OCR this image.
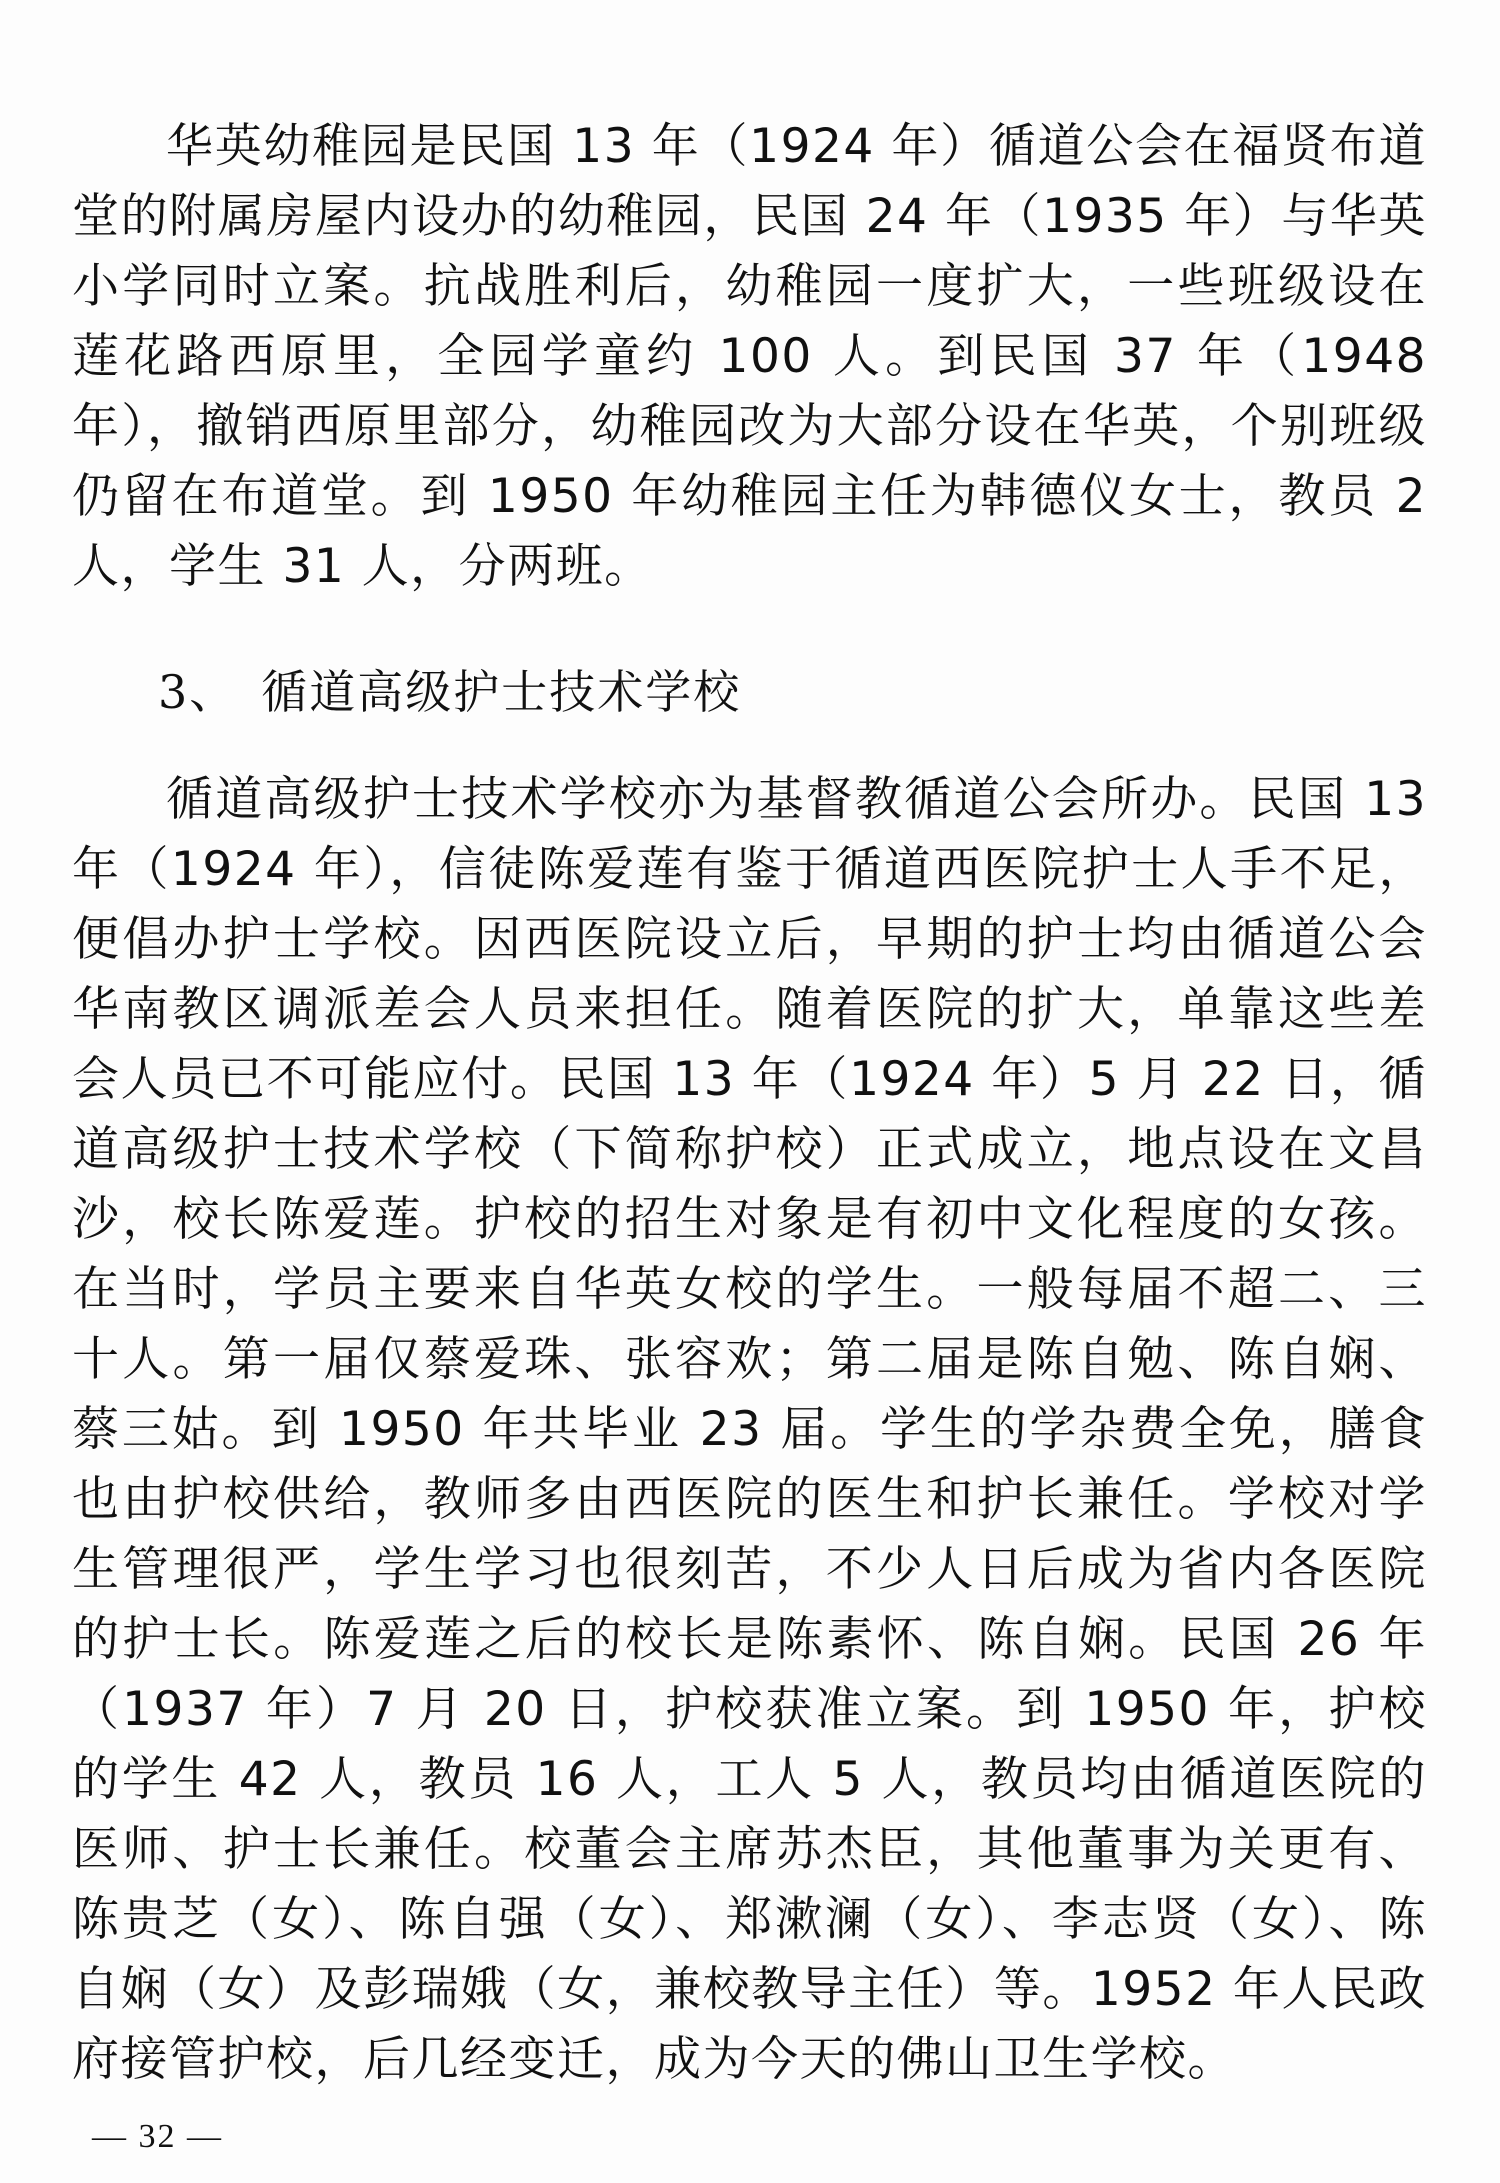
华英幼稚园是民国 13 年（1924 年）循道公会在福贤布道堂的附属房屋内设办的幼稚园，民国 24 年（1935 年）与华英小学同时立案。抗战胜利后，幼稚园一度扩大，一些班级设在莲花路西原里，全园学童约 100 人。到民国 37 年（1948 年），撤销西原里部分，幼稚园改为大部分设在华英，个别班级仍留在布道堂。到 1950 年幼稚园主任为韩德仪女士，教员 2 人，学生 31 人，分两班。

3、 循道高级护士技术学校

循道高级护士技术学校亦为基督教循道公会所办。民国 13 年（1924 年），信徒陈爱莲有鉴于循道西医院护士人手不足，便倡办护士学校。因西医院设立后，早期的护士均由循道公会华南教区调派差会人员来担任。随着医院的扩大，单靠这些差会人员已不可能应付。民国 13 年（1924 年）5 月 22 日，循道高级护士技术学校（下简称护校）正式成立，地点设在文昌沙，校长陈爱莲。护校的招生对象是有初中文化程度的女孩。在当时，学员主要来自华英女校的学生。一般每届不超二、三十人。第一届仅蔡爱珠、张容欢；第二届是陈自勉、陈自娴、蔡三姑。到 1950 年共毕业 23 届。学生的学杂费全免，膳食也由护校供给，教师多由西医院的医生和护长兼任。学校对学生管理很严，学生学习也很刻苦，不少人日后成为省内各医院的护士长。陈爱莲之后的校长是陈素怀、陈自娴。民国 26 年（1937 年）7 月 20 日，护校获准立案。到 1950 年，护校的学生 42 人，教员 16 人，工人 5 人，教员均由循道医院的医师、护士长兼任。校董会主席苏杰臣，其他董事为关更有、陈贵芝（女）、陈自强（女）、郑漱澜（女）、李志贤（女）、陈自娴（女）及彭瑞娥（女，兼校教导主任）等。1952 年人民政府接管护校，后几经变迁，成为今天的佛山卫生学校。

— 32 —
